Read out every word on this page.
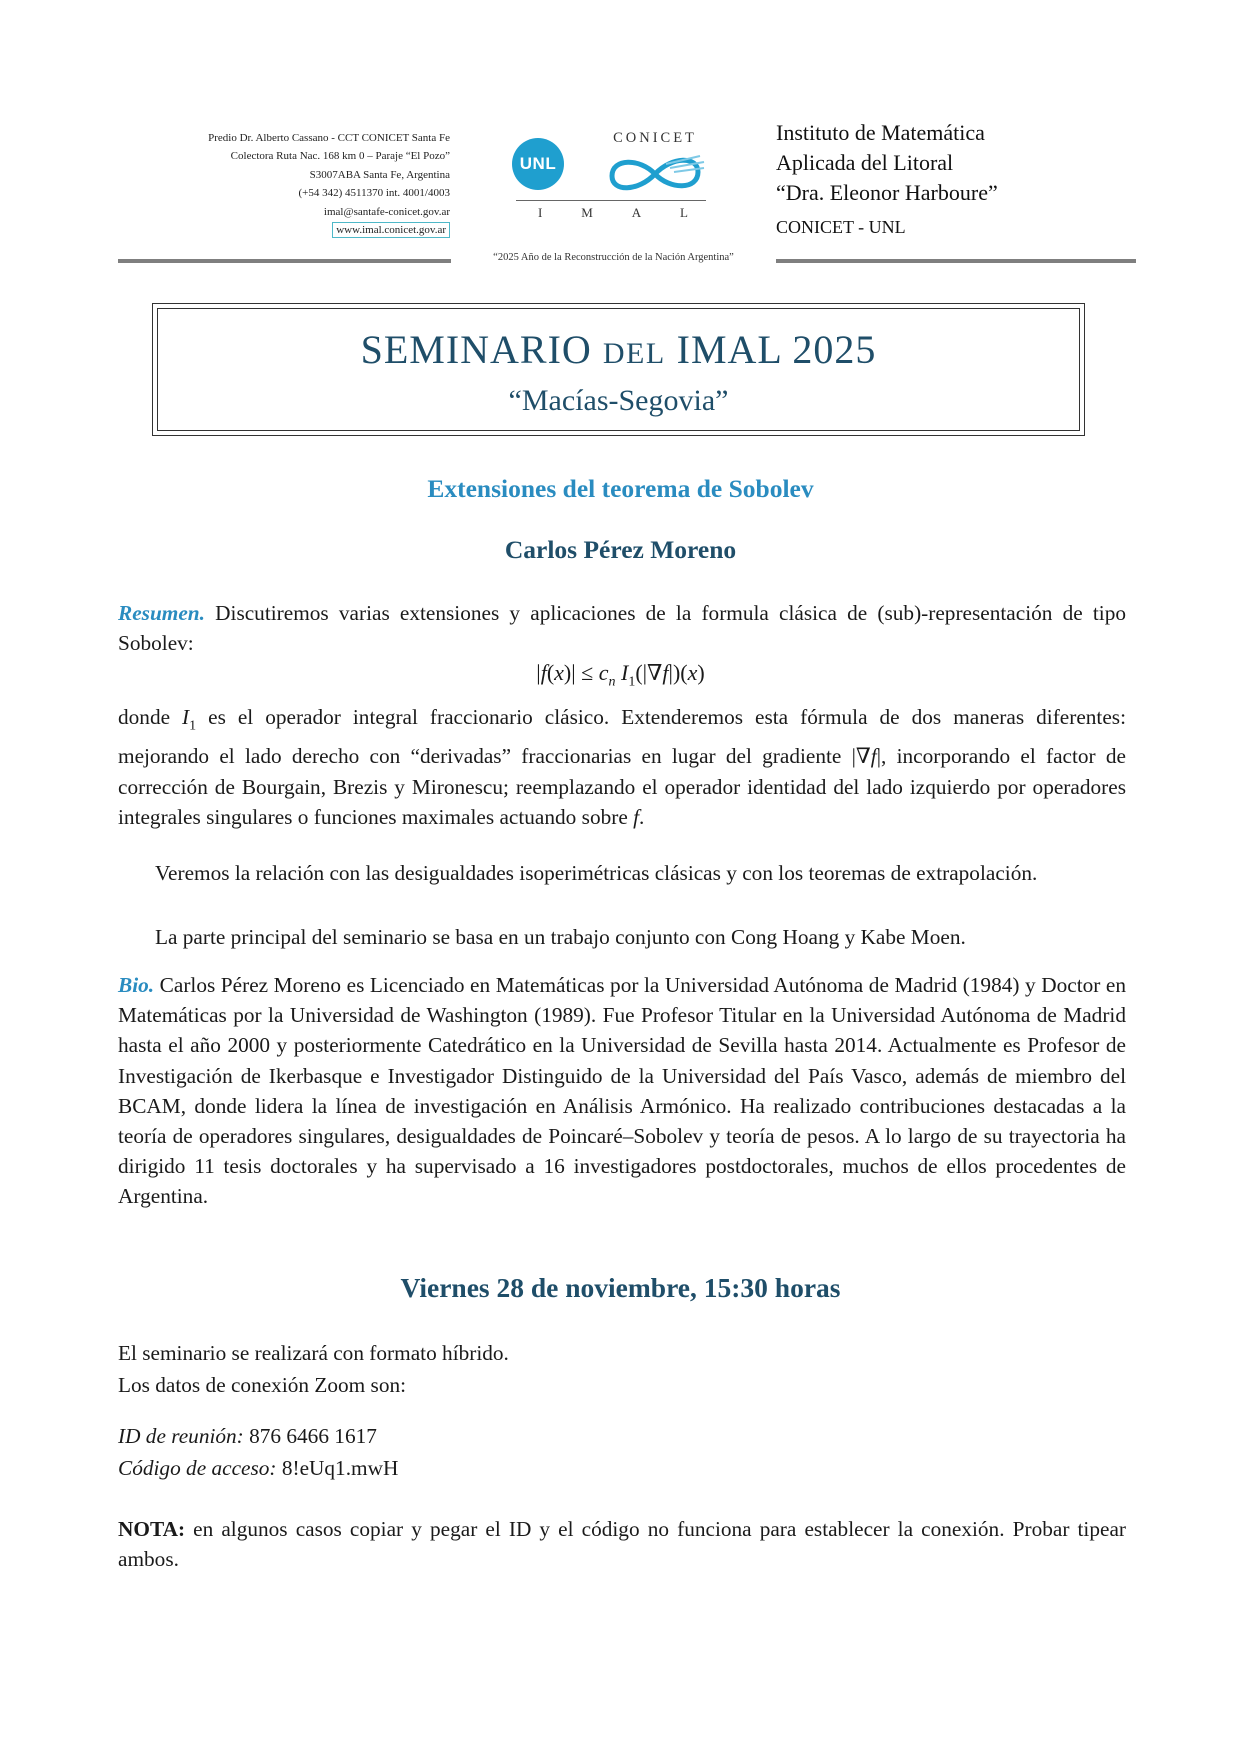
Predio Dr. Alberto Cassano - CCT CONICET Santa Fe
Colectora Ruta Nac. 168 km 0 – Paraje “El Pozo”
S3007ABA Santa Fe, Argentina
(+54 342) 4511370 int. 4001/4003
imal@santafe-conicet.gov.ar
www.imal.conicet.gov.ar
UNL
CONICET
I	M	A	L
Instituto de Matemática
Aplicada del Litoral
“Dra. Eleonor Harboure”
CONICET - UNL
“2025 Año de la Reconstrucción de la Nación Argentina”
SEMINARIO DEL IMAL 2025
“Macías-Segovia”
Extensiones del teorema de Sobolev
Carlos Pérez Moreno
Resumen. Discutiremos varias extensiones y aplicaciones de la formula clásica de (sub)-representación de tipo Sobolev:
$|f(x)| \le c_n$ $I_1(|\nabla f|)(x)$
donde $I_1$ es el operador integral fraccionario clásico. Extenderemos esta fórmula de dos maneras diferentes: mejorando el lado derecho con “derivadas” fraccionarias en lugar del gradiente |∇f|, incorporando el factor de corrección de Bourgain, Brezis y Mironescu; reemplazando el operador identidad del lado izquierdo por operadores integrales singulares o funciones maximales actuando sobre f.
Veremos la relación con las desigualdades isoperimétricas clásicas y con los teoremas de extrapolación.
La parte principal del seminario se basa en un trabajo conjunto con Cong Hoang y Kabe Moen.
Bio. Carlos Pérez Moreno es Licenciado en Matemáticas por la Universidad Autónoma de Madrid (1984) y Doctor en Matemáticas por la Universidad de Washington (1989). Fue Profesor Titular en la Universidad Autónoma de Madrid hasta el año 2000 y posteriormente Catedrático en la Universidad de Sevilla hasta 2014. Actualmente es Profesor de Investigación de Ikerbasque e Investigador Distinguido de la Universidad del País Vasco, además de miembro del BCAM, donde lidera la línea de investigación en Análisis Armónico. Ha realizado contribuciones destacadas a la teoría de operadores singulares, desigualdades de Poincaré–Sobolev y teoría de pesos. A lo largo de su trayectoria ha dirigido 11 tesis doctorales y ha supervisado a 16 investigadores postdoctorales, muchos de ellos procedentes de Argentina.
Viernes 28 de noviembre, 15:30 horas
El seminario se realizará con formato híbrido.
Los datos de conexión Zoom son:
ID de reunión: 876 6466 1617
Código de acceso: 8!eUq1.mwH
NOTA: en algunos casos copiar y pegar el ID y el código no funciona para establecer la conexión. Probar tipear ambos.
